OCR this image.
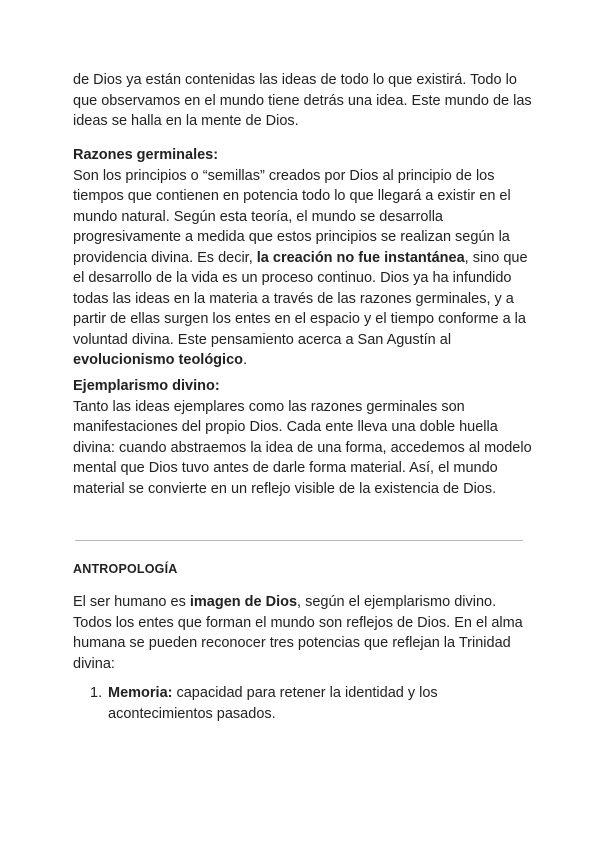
de Dios ya están contenidas las ideas de todo lo que existirá. Todo lo que observamos en el mundo tiene detrás una idea. Este mundo de las ideas se halla en la mente de Dios.

Razones germinales:
Son los principios o “semillas” creados por Dios al principio de los tiempos que contienen en potencia todo lo que llegará a existir en el mundo natural. Según esta teoría, el mundo se desarrolla progresivamente a medida que estos principios se realizan según la providencia divina. Es decir, la creación no fue instantánea, sino que el desarrollo de la vida es un proceso continuo. Dios ya ha infundido todas las ideas en la materia a través de las razones germinales, y a partir de ellas surgen los entes en el espacio y el tiempo conforme a la voluntad divina. Este pensamiento acerca a San Agustín al evolucionismo teológico.

Ejemplarismo divino:
Tanto las ideas ejemplares como las razones germinales son manifestaciones del propio Dios. Cada ente lleva una doble huella divina: cuando abstraemos la idea de una forma, accedemos al modelo mental que Dios tuvo antes de darle forma material. Así, el mundo material se convierte en un reflejo visible de la existencia de Dios.

ANTROPOLOGÍA

El ser humano es imagen de Dios, según el ejemplarismo divino. Todos los entes que forman el mundo son reflejos de Dios. En el alma humana se pueden reconocer tres potencias que reflejan la Trinidad divina:

1. Memoria: capacidad para retener la identidad y los acontecimientos pasados.
